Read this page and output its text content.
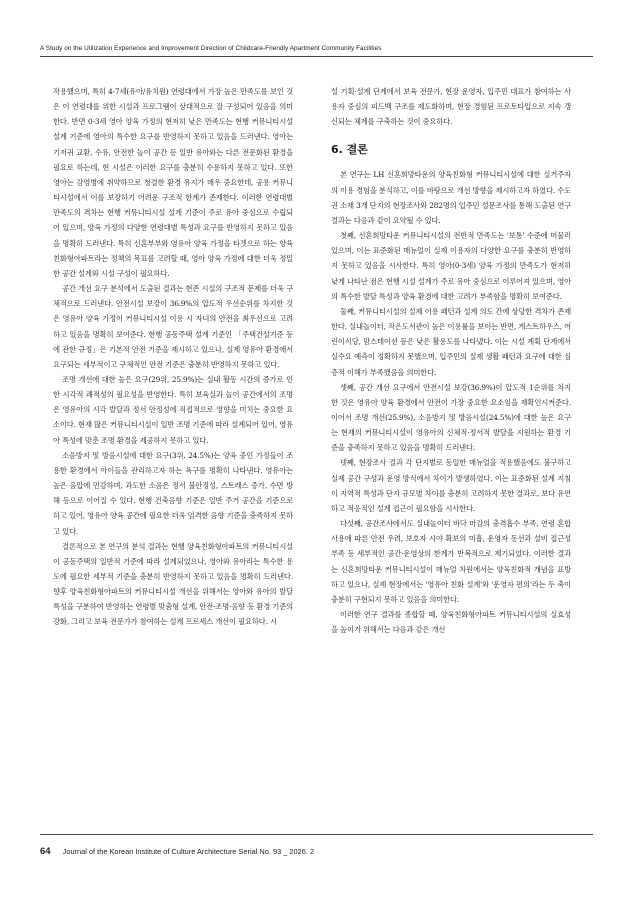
A Study on the Utilization Experience and Improvement Direction of Childcare-Friendly Apartment Community Facilities

작용했으며, 특히 4-7세(유아/유치원) 연령대에서 가장 높은 만족도를 보인 것은 이 연령대를 위한 시설과 프로그램이 상대적으로 잘 구성되어 있음을 의미한다. 반면 0-3세 영아 양육 가정의 현저히 낮은 만족도는 현행 커뮤니티시설 설계 기준에 영아의 특수한 요구를 반영하지 못하고 있음을 드러낸다. 영아는 기저귀 교환, 수유, 안전한 놀이 공간 등 일반 유아와는 다른 전문화된 환경을 필요로 하는데, 현 시설은 이러한 요구를 충분히 수용하지 못하고 있다. 또한 영아는 감염병에 취약하므로 청결한 환경 유지가 매우 중요한데, 공용 커뮤니티시설에서 이를 보장하기 어려운 구조적 한계가 존재한다. 이러한 연령대별 만족도의 격차는 현행 커뮤니티시설 설계 기준이 주로 유아 중심으로 수립되어 있으며, 양육 가정의 다양한 연령대별 특성과 요구를 반영하지 못하고 있음을 명확히 드러낸다. 특히 신혼부부와 영유아 양육 가정을 타겟으로 하는 양육친화형아파트라는 정책의 목표를 고려할 때, 영아 양육 가정에 대한 더욱 정밀한 공간 설계와 시설 구성이 필요하다.

공간 개선 요구 분석에서 도출된 결과는 현존 시설의 구조적 문제를 더욱 구체적으로 드러낸다. 안전시설 보강이 36.9%의 압도적 우선순위를 차지한 것은 영유아 양육 가정이 커뮤니티시설 이용 시 자녀의 안전을 최우선으로 고려하고 있음을 명확히 보여준다. 현행 공동주택 설계 기준인 「주택건설기준 등에 관한 규정」은 기본적 안전 기준을 제시하고 있으나, 실제 영유아 환경에서 요구되는 세부적이고 구체적인 안전 기준은 충분히 반영하지 못하고 있다.

조명 개선에 대한 높은 요구(29위, 25.9%)는 실내 활동 시간의 증가로 인한 시각적 쾌적성의 필요성을 반영한다. 특히 보육실과 놀이 공간에서의 조명은 영유아의 시각 발달과 정서 안정성에 직접적으로 영향을 미치는 중요한 요소이다. 현재 많은 커뮤니티시설이 일반 조명 기준에 따라 설계되어 있어, 영유아 특성에 맞춘 조명 환경을 제공하지 못하고 있다.

소음방지 및 방음시설에 대한 요구(3위, 24.5%)는 양육 중인 가정들이 조용한 환경에서 아이들을 관리하고자 하는 욕구를 명확히 나타낸다. 영유아는 높은 음압에 민감하며, 과도한 소음은 정서 불안정성, 스트레스 증가, 수면 방해 등으로 이어질 수 있다. 현행 건축음향 기준은 일반 주거 공간을 기준으로 하고 있어, 영유아 양육 공간에 필요한 더욱 엄격한 음향 기준을 충족하지 못하고 있다.

결론적으로 본 연구의 분석 결과는 현행 양육친화형아파트의 커뮤니티시설이 공동주택의 일반적 기준에 따라 설계되었으나, 영아와 유아라는 특수한 용도에 필요한 세부적 기준을 충분히 반영하지 못하고 있음을 명확히 드러낸다. 향후 양육친화형아파트의 커뮤니티시설 개선을 위해서는 영아와 유아의 발달 특성을 구분하여 반영하는 연령별 맞춤형 설계, 안전·조명·음향 등 환경 기준의 강화, 그리고 보육 전문가가 참여하는 설계 프로세스 개선이 필요하다. 시

설 기획·설계 단계에서 보육 전문가, 현장 운영자, 입주민 대표가 참여하는 사용자 중심의 피드백 구조를 제도화하며, 현장 경험된 프로토타입으로 지속 갱신되는 체계를 구축하는 것이 중요하다.

6. 결론

본 연구는 LH 신혼희망타운의 양육친화형 커뮤니티시설에 대한 실거주자의 이용 경험을 분석하고, 이를 바탕으로 개선 방향을 제시하고자 하였다. 수도권 소재 3개 단지의 현장조사와 282명의 입주민 설문조사를 통해 도출된 연구 결과는 다음과 같이 요약될 수 있다.

첫째, 신혼희망타운 커뮤니티시설의 전반적 만족도는 '보통' 수준에 머물러 있으며, 이는 표준화된 매뉴얼이 실제 이용자의 다양한 요구를 충분히 반영하지 못하고 있음을 시사한다. 특히 영아(0-3세) 양육 가정의 만족도가 현저히 낮게 나타난 점은 현행 시설 설계가 주로 유아 중심으로 이루어져 있으며, 영아의 특수한 발달 특성과 양육 환경에 대한 고려가 부족함을 명확히 보여준다.

둘째, 커뮤니티시설의 실제 이용 패턴과 설계 의도 간에 상당한 격차가 존재한다. 실내놀이터, 작은도서관이 높은 이용률을 보이는 반면, 게스트하우스, 어린이식당, 맘스테이션 등은 낮은 활용도를 나타냈다. 이는 시설 계획 단계에서 실수요 예측이 정확하지 못했으며, 입주민의 실제 생활 패턴과 요구에 대한 심층적 이해가 부족했음을 의미한다.

셋째, 공간 개선 요구에서 안전시설 보강(36.9%)이 압도적 1순위를 차지한 것은 영유아 양육 환경에서 안전이 가장 중요한 요소임을 재확인시켜준다. 이어서 조명 개선(25.9%), 소음방지 및 방음시설(24.5%)에 대한 높은 요구는 현재의 커뮤니티시설이 영유아의 신체적·정서적 발달을 지원하는 환경 기준을 충족하지 못하고 있음을 명확히 드러낸다.

넷째, 현장조사 결과 각 단지별로 동일한 매뉴얼을 적용했음에도 불구하고 실제 공간 구성과 운영 방식에서 차이가 발생하였다. 이는 표준화된 설계 지침이 지역적 특성과 단지 규모별 차이를 충분히 고려하지 못한 결과로, 보다 유연하고 적응적인 설계 접근이 필요함을 시사한다.

다섯째, 공간조사에서도 실내놀이터 바닥 마감의 충격흡수 부족, 연령 혼합 사용에 따른 안전 우려, 보호자 시야 확보의 미흡, 운영자 동선과 설비 접근성 부족 등 세부적인 공간·운영상의 한계가 반복적으로 제기되었다. 이러한 결과는 신혼희망타운 커뮤니티시설이 매뉴얼 차원에서는 양육친화적 개념을 표방하고 있으나, 실제 현장에서는 '영유아 친화 설계'와 '운영자 편의'라는 두 축이 충분히 구현되지 못하고 있음을 의미한다.

이러한 연구 결과를 종합할 때, 양육친화형아파트 커뮤니티시설의 실효성을 높이기 위해서는 다음과 같은 개선

64 Journal of the Korean Institute of Culture Architecture Serial No. 93 _ 2026. 2
